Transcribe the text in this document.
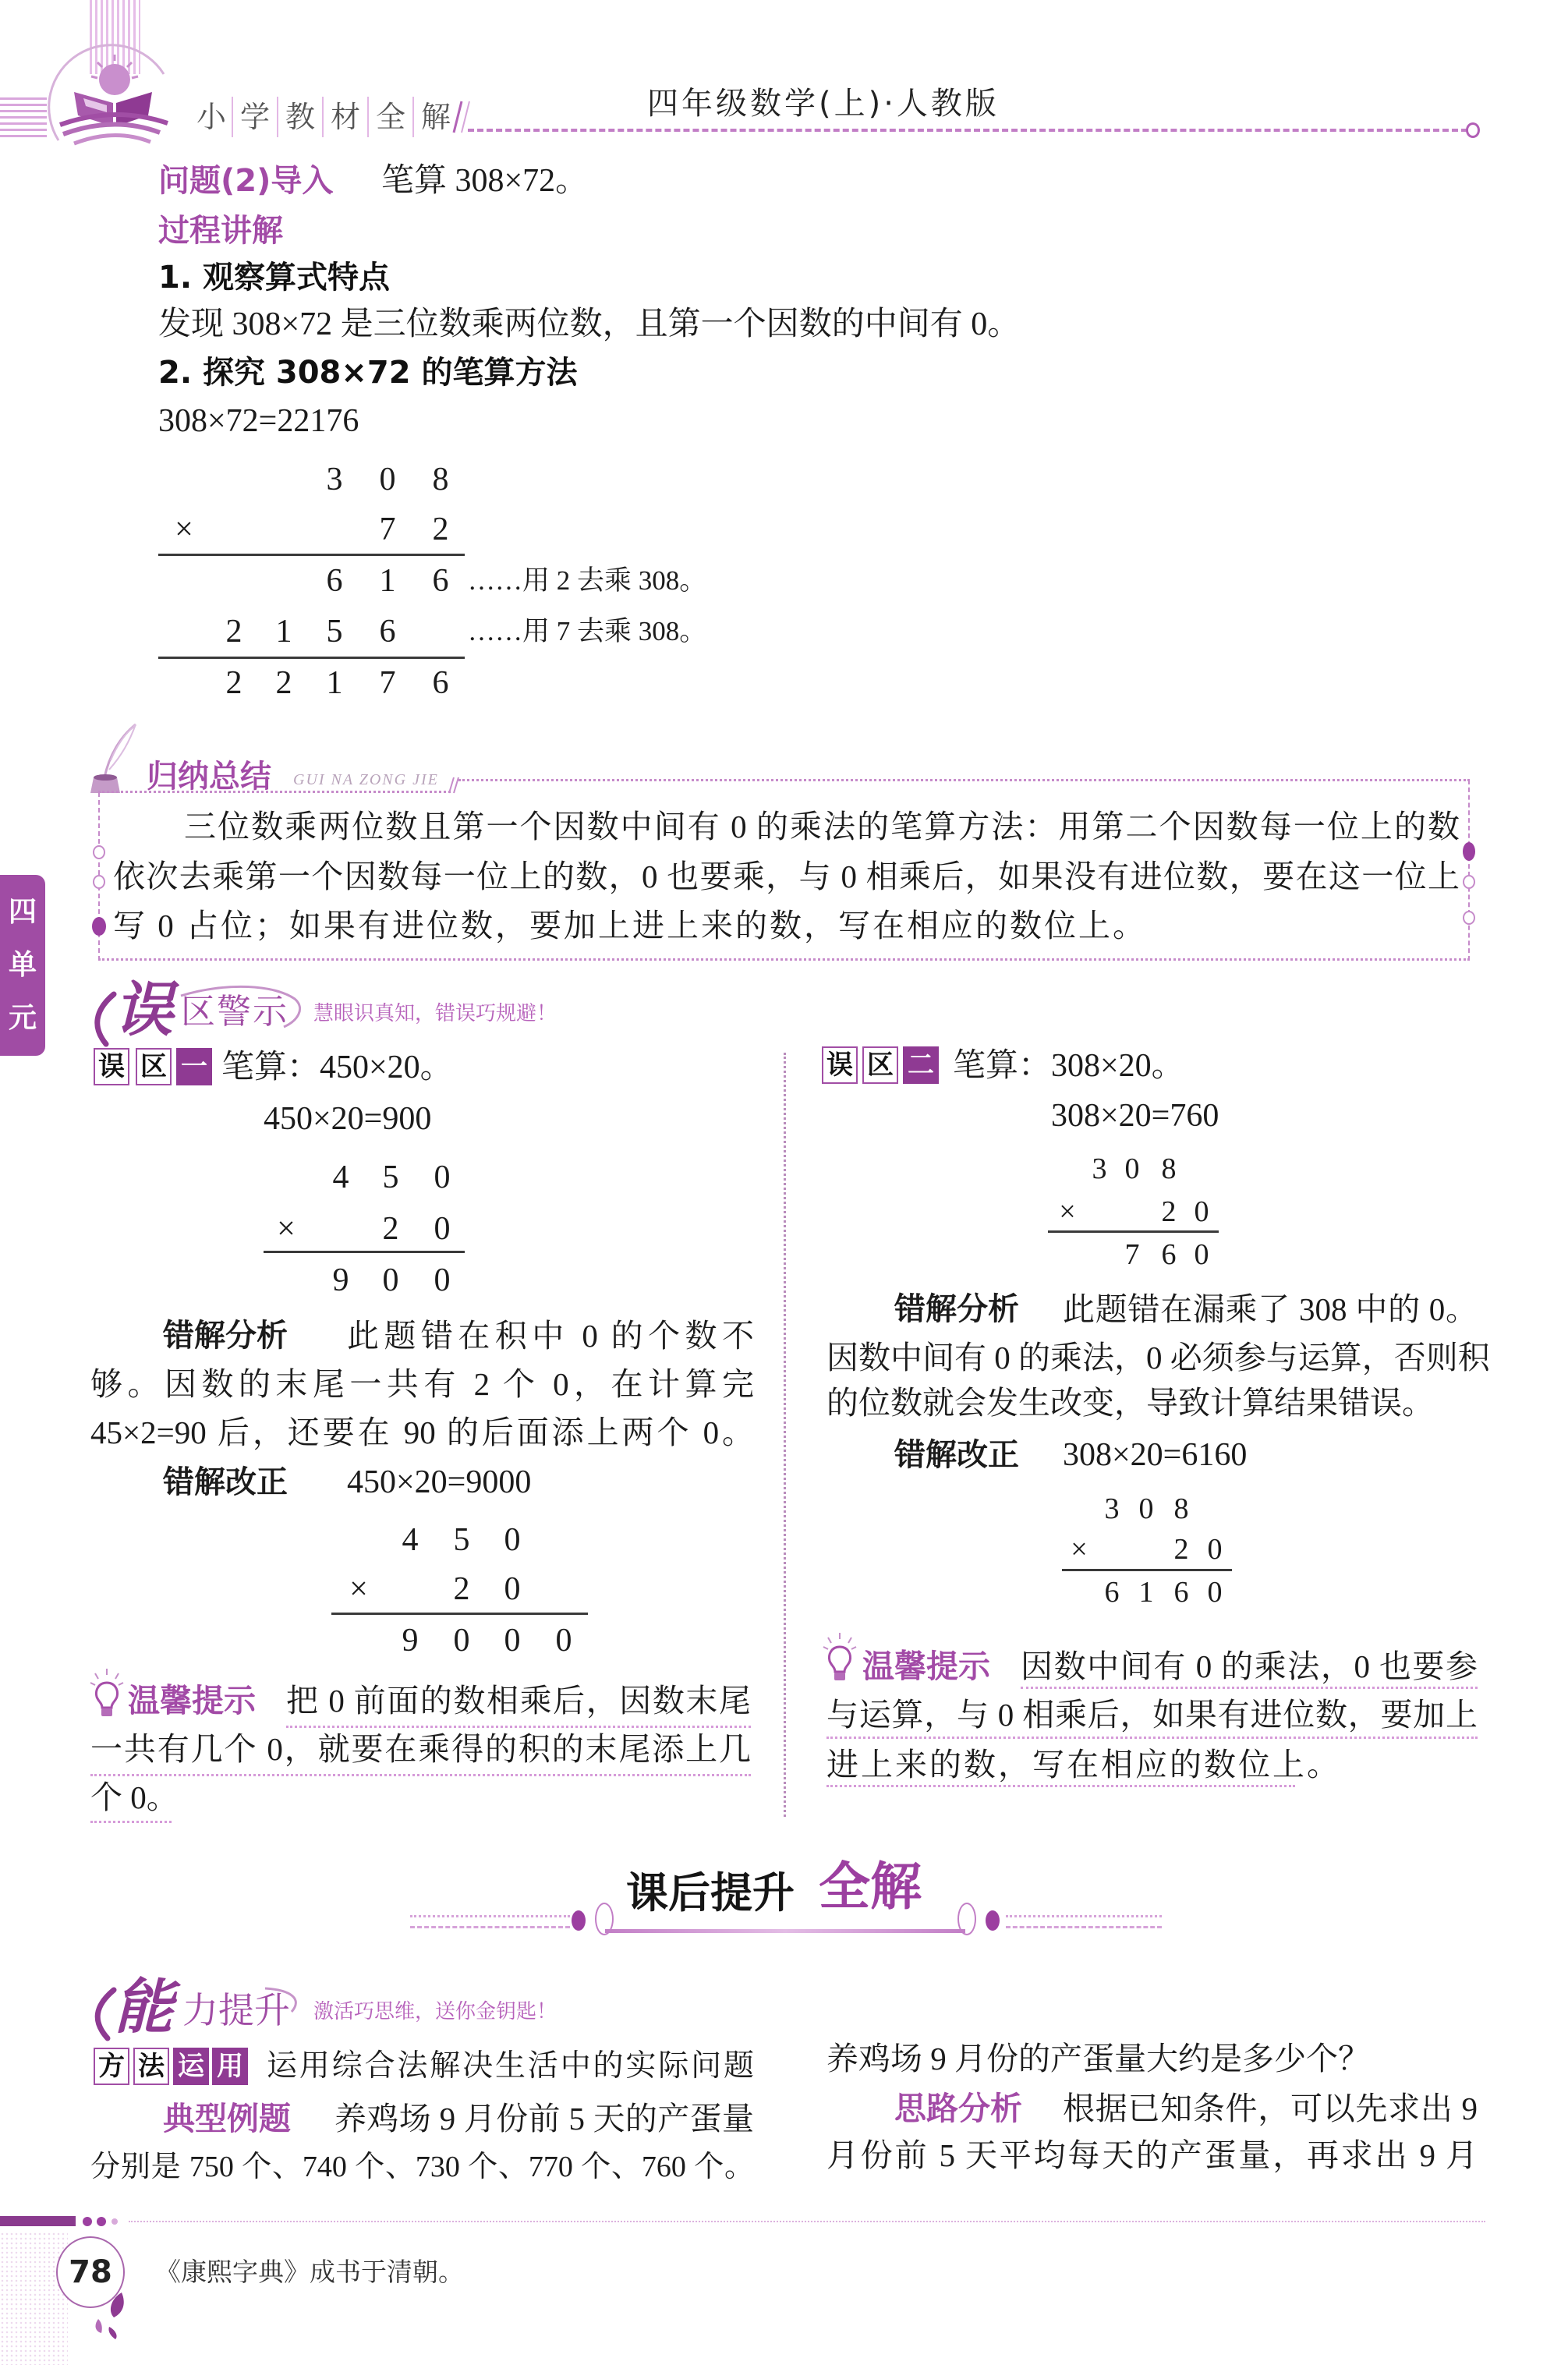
小 学 教 材 全 解	四年级数学(上)·人教版
问题(2)导入 笔算 308×72。
过程讲解
1. 观察算式特点
发现 308×72 是三位数乘两位数，且第一个因数的中间有 0。
2. 探究 308×72 的笔算方法
308×72=22176
3 0 8
×	7 2
6 1 6 ……用 2 去乘 308。
2 1 5 6	……用 7 去乘 308。
2 2 1 7 6
归纳总结 GUI NA ZONG JIE
三位数乘两位数且第一个因数中间有 0 的乘法的笔算方法：用第二个因数每一位上的数
依次去乘第一个因数每一位上的数，0 也要乘，与 0 相乘后，如果没有进位数，要在这一位上
写 0 占位；如果有进位数，要加上进上来的数，写在相应的数位上。
四
单
元 误 区警示 慧眼识真知，错误巧规避！
误 区 一 笔算：450×20。
450×20=900
4 5 0
×	2 0
9 0 0
错解分析 此题错在积中 0 的个数不
够。因数的末尾一共有 2 个 0，在计算完
45×2=90 后，还要在 90 的后面添上两个 0。
错解改正 450×20=9000
4 5 0
×	2 0
9 0 0 0
温馨提示 把 0 前面的数相乘后，因数末尾
一共有几个 0，就要在乘得的积的末尾添上几
个 0。
误 区 二 笔算：308×20。
308×20=760
3 0 8
×	2 0
7 6 0
错解分析 此题错在漏乘了 308 中的 0。
因数中间有 0 的乘法，0 必须参与运算，否则积
的位数就会发生改变，导致计算结果错误。
错解改正 308×20=6160
3 0 8
×	2 0
6 1 6 0
温馨提示 因数中间有 0 的乘法，0 也要参
与运算，与 0 相乘后，如果有进位数，要加上
进上来的数，写在相应的数位上。
课后提升 全解
能 力提升 激活巧思维，送你金钥匙！
方 法 运 用 运用综合法解决生活中的实际问题
典型例题 养鸡场 9 月份前 5 天的产蛋量
分别是 750 个、740 个、730 个、770 个、760 个。
养鸡场 9 月份的产蛋量大约是多少个？
思路分析 根据已知条件，可以先求出 9
月份前 5 天平均每天的产蛋量，再求出 9 月
78	《康熙字典》成书于清朝。
